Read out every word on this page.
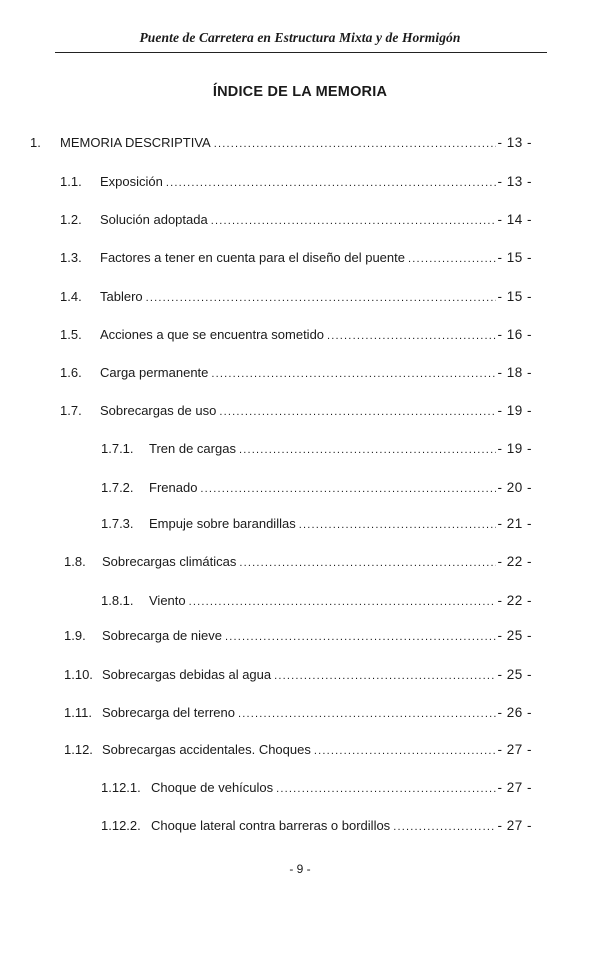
Puente de Carretera en Estructura Mixta y de Hormigón
ÍNDICE DE LA MEMORIA
1.	MEMORIA DESCRIPTIVA .....	- 13 -
1.1.	Exposición .....	- 13 -
1.2.	Solución adoptada .....	- 14 -
1.3.	Factores a tener en cuenta para el diseño del puente .....	- 15 -
1.4.	Tablero .....	- 15 -
1.5.	Acciones a que se encuentra sometido .....	- 16 -
1.6.	Carga permanente .....	- 18 -
1.7.	Sobrecargas de uso .....	- 19 -
1.7.1.	Tren de cargas .....	- 19 -
1.7.2.	Frenado .....	- 20 -
1.7.3.	Empuje sobre barandillas .....	- 21 -
1.8.	Sobrecargas climáticas .....	- 22 -
1.8.1.	Viento .....	- 22 -
1.9.	Sobrecarga de nieve .....	- 25 -
1.10. Sobrecargas debidas al agua .....	- 25 -
1.11. Sobrecarga del terreno .....	- 26 -
1.12. Sobrecargas accidentales. Choques .....	- 27 -
1.12.1. Choque de vehículos .....	- 27 -
1.12.2. Choque lateral contra barreras o bordillos .....	- 27 -
- 9 -
